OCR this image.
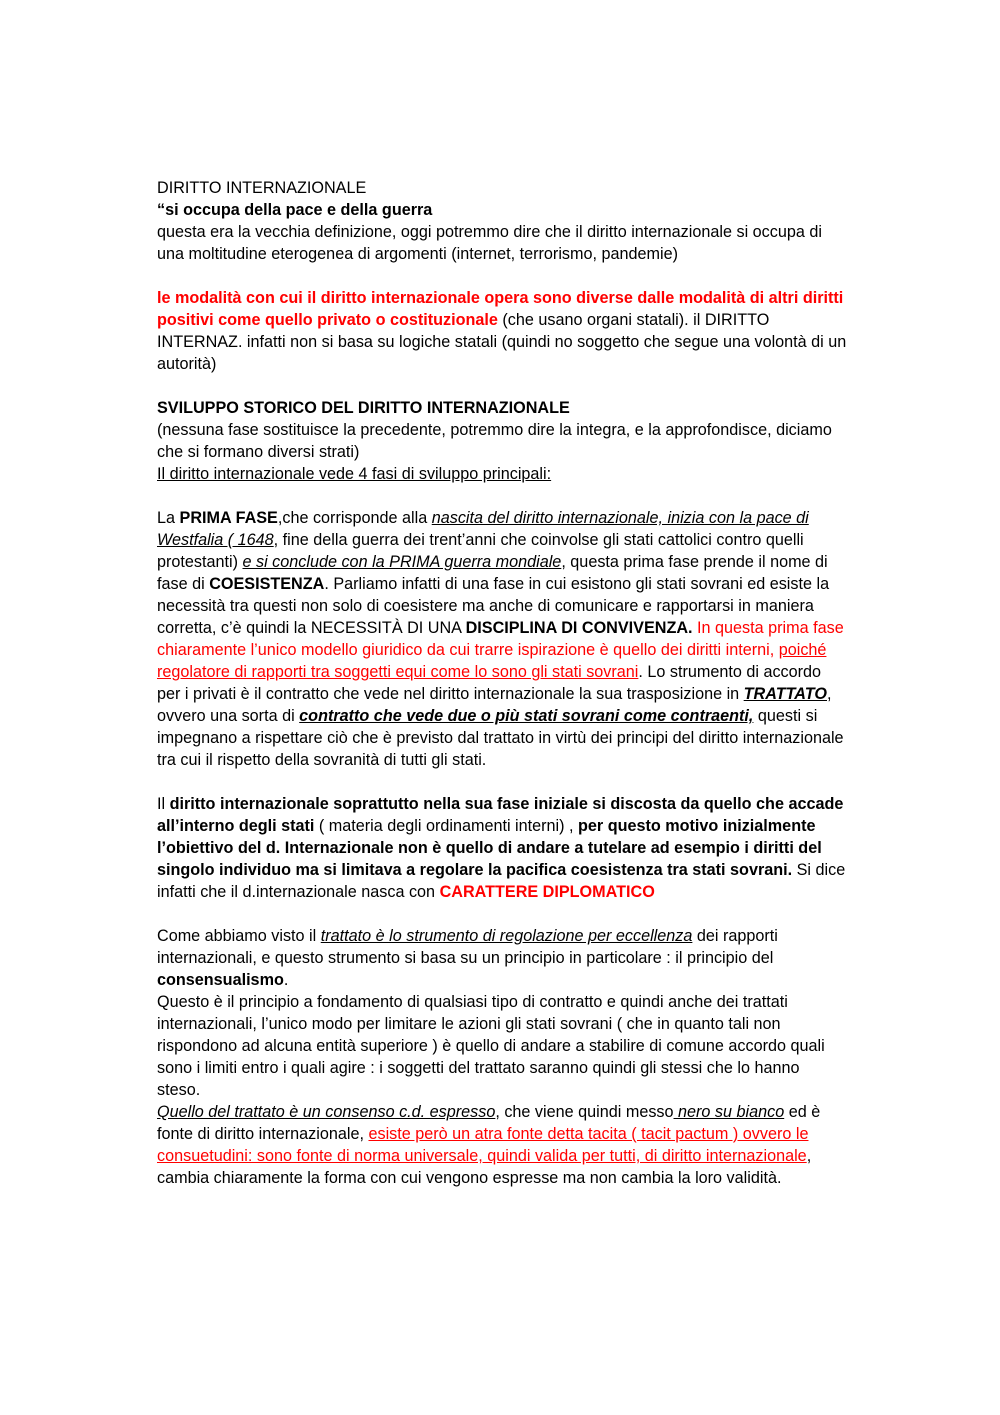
DIRITTO INTERNAZIONALE

“si occupa della pace e della guerra

questa era la vecchia definizione, oggi potremmo dire che il diritto internazionale si occupa di una moltitudine eterogenea di argomenti (internet, terrorismo, pandemie)

le modalità con cui il diritto internazionale opera sono diverse dalle modalità di altri diritti positivi come quello privato o costituzionale (che usano organi statali). il DIRITTO INTERNAZ. infatti non si basa su logiche statali (quindi no soggetto che segue una volontà di un autorità)

SVILUPPO STORICO DEL DIRITTO INTERNAZIONALE

(nessuna fase sostituisce la precedente, potremmo dire la integra, e la approfondisce, diciamo che si formano diversi strati)

Il diritto internazionale vede 4 fasi di sviluppo principali:

La PRIMA FASE,che corrisponde alla nascita del diritto internazionale, inizia con la pace di Westfalia ( 1648, fine della guerra dei trent’anni che coinvolse gli stati cattolici contro quelli protestanti) e si conclude con la PRIMA guerra mondiale, questa prima fase prende il nome di fase di COESISTENZA. Parliamo infatti di una fase in cui esistono gli stati sovrani ed esiste la necessità tra questi non solo di coesistere ma anche di comunicare e rapportarsi in maniera corretta, c’è quindi la NECESSITÀ DI UNA DISCIPLINA DI CONVIVENZA. In questa prima fase chiaramente l’unico modello giuridico da cui trarre ispirazione è quello dei diritti interni, poiché regolatore di rapporti tra soggetti equi come lo sono gli stati sovrani. Lo strumento di accordo per i privati è il contratto che vede nel diritto internazionale la sua trasposizione in TRATTATO, ovvero una sorta di contratto che vede due o più stati sovrani come contraenti, questi si impegnano a rispettare ciò che è previsto dal trattato in virtù dei principi del diritto internazionale tra cui il rispetto della sovranità di tutti gli stati.

Il diritto internazionale soprattutto nella sua fase iniziale si discosta da quello che accade all’interno degli stati ( materia degli ordinamenti interni) , per questo motivo inizialmente l’obiettivo del d. Internazionale non è quello di andare a tutelare ad esempio i diritti del singolo individuo ma si limitava a regolare la pacifica coesistenza tra stati sovrani. Si dice infatti che il d.internazionale nasca con CARATTERE DIPLOMATICO

Come abbiamo visto il trattato è lo strumento di regolazione per eccellenza dei rapporti internazionali, e questo strumento si basa su un principio in particolare : il principio del consensualismo.

Questo è il principio a fondamento di qualsiasi tipo di contratto e quindi anche dei trattati internazionali, l’unico modo per limitare le azioni gli stati sovrani ( che in quanto tali non rispondono ad alcuna entità superiore ) è quello di andare a stabilire di comune accordo quali sono i limiti entro i quali agire : i soggetti del trattato saranno quindi gli stessi che lo hanno steso.

Quello del trattato è un consenso c.d. espresso, che viene quindi messo nero su bianco ed è fonte di diritto internazionale, esiste però un atra fonte detta tacita ( tacit pactum ) ovvero le consuetudini: sono fonte di norma universale, quindi valida per tutti, di diritto internazionale, cambia chiaramente la forma con cui vengono espresse ma non cambia la loro validità.
